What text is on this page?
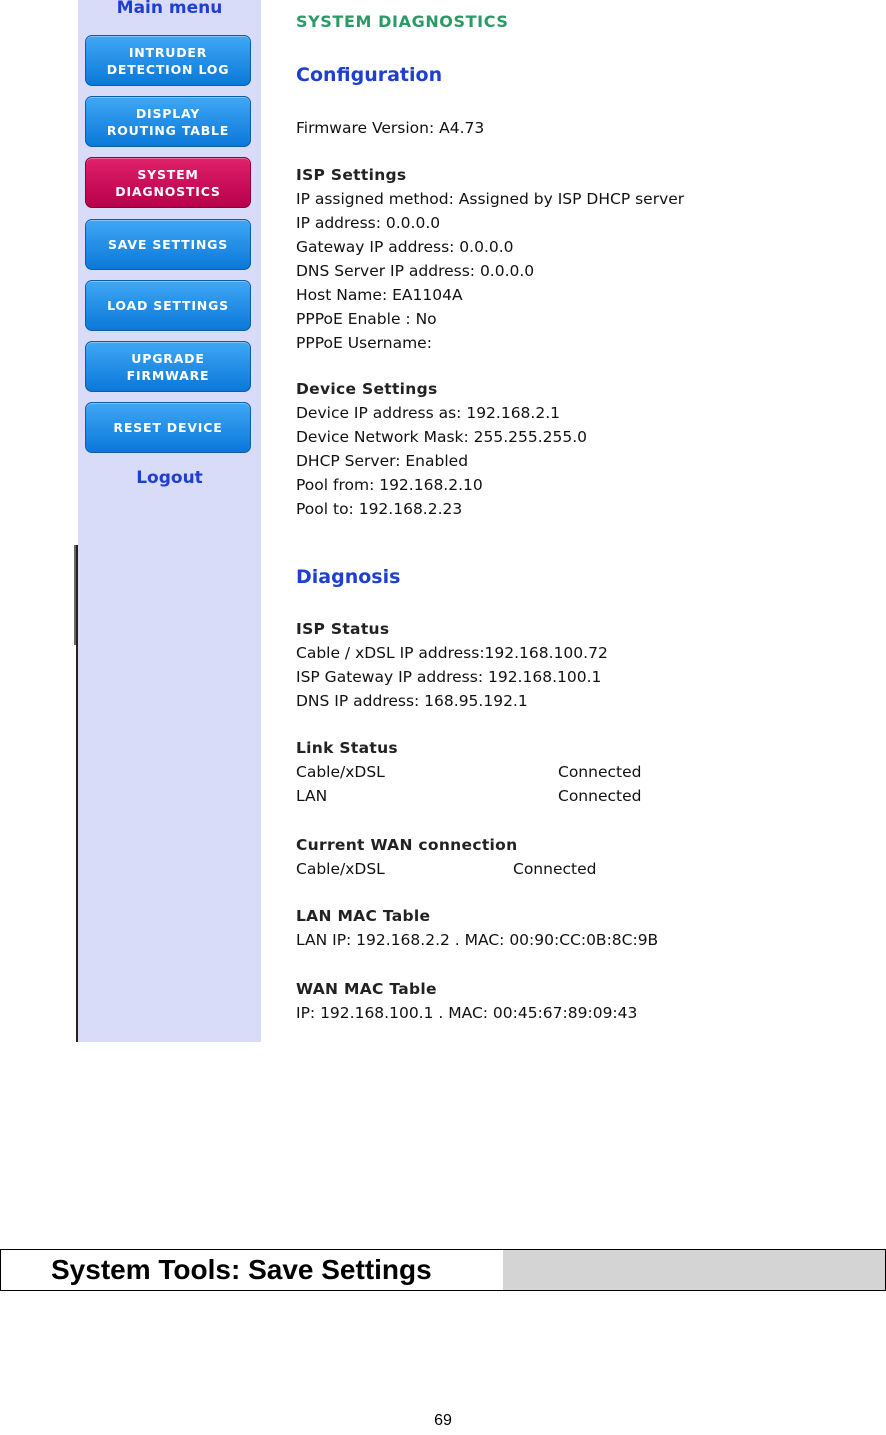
Main menu
INTRUDER
DETECTION LOG
DISPLAY
ROUTING TABLE
SYSTEM
DIAGNOSTICS
SAVE SETTINGS
LOAD SETTINGS
UPGRADE
FIRMWARE
RESET DEVICE
Logout
SYSTEM DIAGNOSTICS
Configuration
Firmware Version: A4.73
ISP Settings
IP assigned method: Assigned by ISP DHCP server
IP address: 0.0.0.0
Gateway IP address: 0.0.0.0
DNS Server IP address: 0.0.0.0
Host Name: EA1104A
PPPoE Enable : No
PPPoE Username:
Device Settings
Device IP address as: 192.168.2.1
Device Network Mask: 255.255.255.0
DHCP Server: Enabled
Pool from: 192.168.2.10
Pool to: 192.168.2.23
Diagnosis
ISP Status
Cable / xDSL IP address:192.168.100.72
ISP Gateway IP address: 192.168.100.1
DNS IP address: 168.95.192.1
Link Status
Cable/xDSL	Connected
LAN	Connected
Current WAN connection
Cable/xDSL	Connected
LAN MAC Table
LAN IP: 192.168.2.2 . MAC: 00:90:CC:0B:8C:9B
WAN MAC Table
IP: 192.168.100.1 . MAC: 00:45:67:89:09:43
System Tools: Save Settings
69
